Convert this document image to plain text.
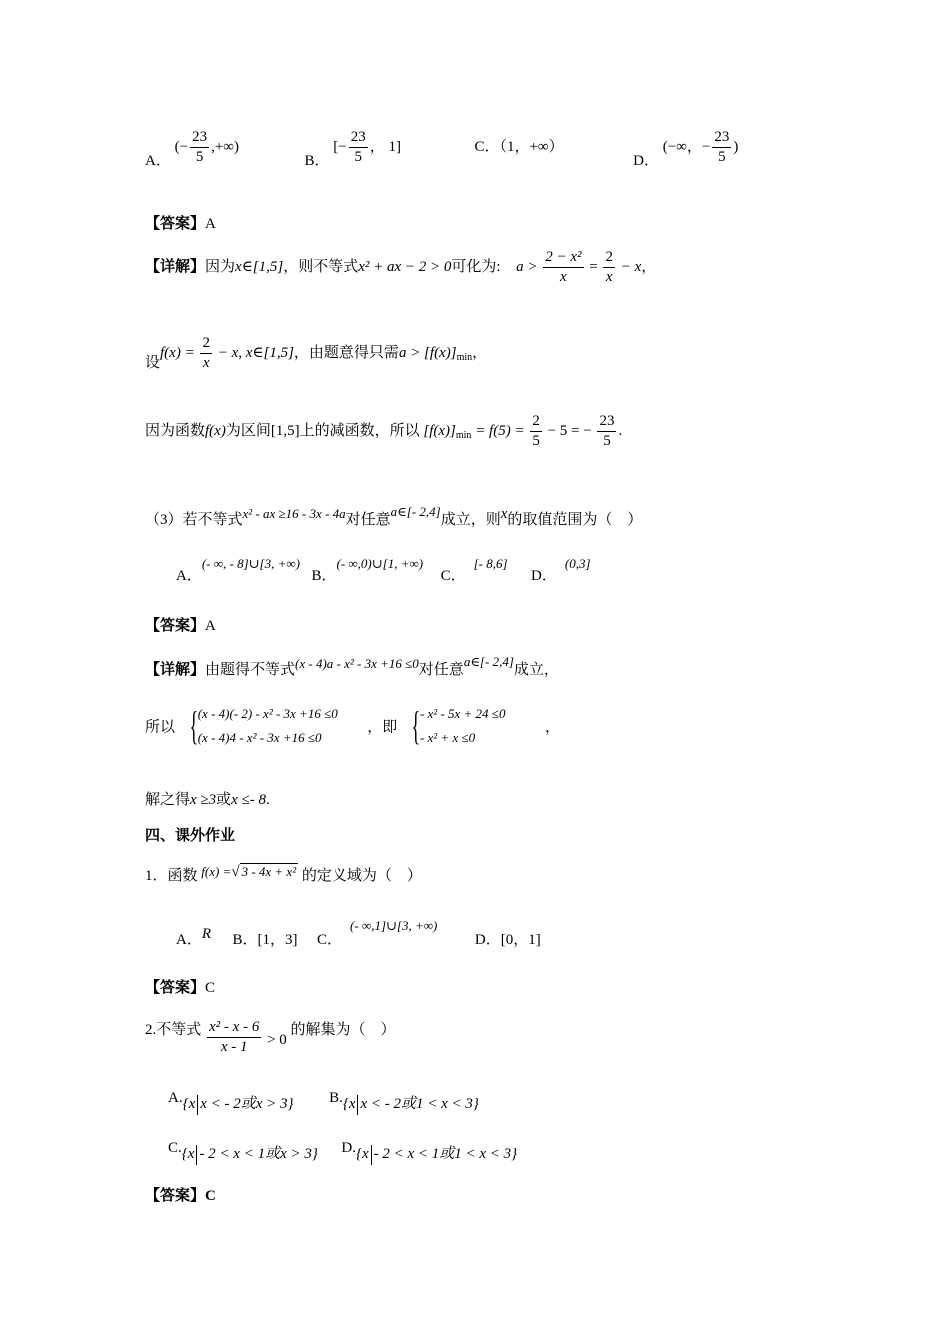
A． (− $\frac{23}{5}$ ,+∞)  B． [− $\frac{23}{5}$ ， 1]	C．（1，+∞）  D． (−∞，− $\frac{23}{5}$ )
【答案】A
【详解】因为x∈[1,5]，则不等式x² + ax − 2 > 0可化为: $a > \frac{\text{2 − x²}}{x} = \frac{2}{x} - x$，
设$f(x) = \frac{2}{x} - x$, x∈[1,5]，由题意得只需$a > [f(x)]_{min}$，
因为函数f(x)为区间[1,5]上的减函数，所以 $[f(x)]_{min} = f(5) = \frac{2}{5} - 5$ = − $\frac{23}{5}$ .
（3）若不等式x² - ax ≥16 - 3x - 4a对任意a∈[- 2,4]成立，则x的取值范围为（　）
A．(- ∞, - 8]∪[3, +∞)  B．(- ∞,0)∪[1, +∞)  C．[- 8,6]  D．(0,3]
【答案】A
【详解】由题得不等式(x - 4)a - x² - 3x +16 ≤0对任意a∈[- 2,4]成立，
所以 { (x - 4)(- 2) - x² - 3x +16 ≤0
(x - 4)4 - x² - 3x +16 ≤0  ，即 { - x² - 5x + 24 ≤0
- x² + x ≤0  ，
解之得x ≥3或x ≤- 8.
四、课外作业
1．函数 f(x) =√ 3 - 4x + x² 的定义域为（　）
A．R B．[1，3] C．(- ∞,1]∪[3, +∞)  D．[0，1]
【答案】C
2.不等式 $\frac{\text{x² - x - 6}}{x - 1} > 0$ 的解集为（　）
A.{x x < - 2或x > 3} B.{x x < - 2或1 < x < 3}
C.{x - 2 < x < 1或x > 3} D.{x - 2 < x < 1或1 < x < 3}
【答案】C
